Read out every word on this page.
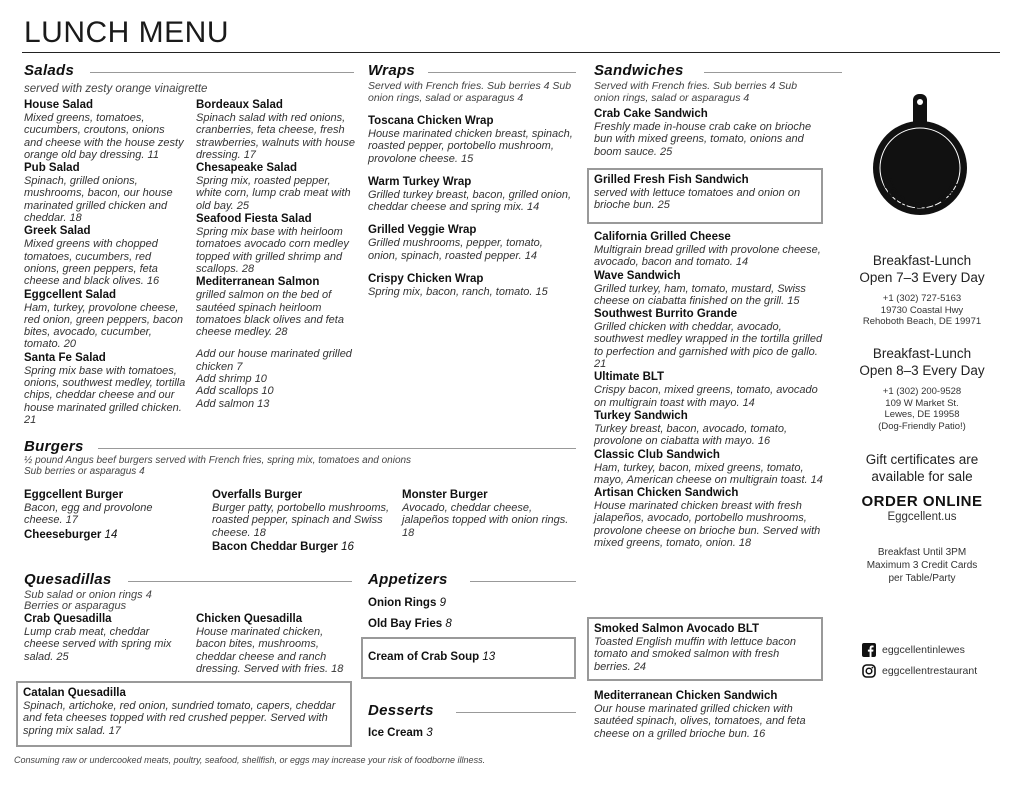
LUNCH MENU
Salads
served with zesty orange vinaigrette
House Salad
Mixed greens, tomatoes, cucumbers, croutons, onions and cheese with the house zesty orange old bay dressing. 11
Pub Salad
Spinach, grilled onions, mushrooms, bacon, our house marinated grilled chicken and cheddar. 18
Greek Salad
Mixed greens with chopped tomatoes, cucumbers, red onions, green peppers, feta cheese and black olives. 16
Eggcellent Salad
Ham, turkey, provolone cheese, red onion, green peppers, bacon bites, avocado, cucumber, tomato. 20
Santa Fe Salad
Spring mix base with tomatoes, onions, southwest medley, tortilla chips, cheddar cheese and our house marinated grilled chicken. 21
Bordeaux Salad
Spinach salad with red onions, cranberries, feta cheese, fresh strawberries, walnuts with house dressing. 17
Chesapeake Salad
Spring mix, roasted pepper, white corn, lump crab meat with old bay. 25
Seafood Fiesta Salad
Spring mix base with heirloom tomatoes avocado corn medley topped with grilled shrimp and scallops. 28
Mediterranean Salmon
grilled salmon on the bed of sautéed spinach heirloom tomatoes black olives and feta cheese medley. 28
Add our house marinated grilled chicken 7
Add shrimp 10
Add scallops 10
Add salmon 13
Wraps
Served with French fries. Sub berries 4 Sub onion rings, salad or asparagus 4
Toscana Chicken Wrap
House marinated chicken breast, spinach, roasted pepper, portobello mushroom, provolone cheese. 15
Warm Turkey Wrap
Grilled turkey breast, bacon, grilled onion, cheddar cheese and spring mix. 14
Grilled Veggie Wrap
Grilled mushrooms, pepper, tomato, onion, spinach, roasted pepper. 14
Crispy Chicken Wrap
Spring mix, bacon, ranch, tomato. 15
Sandwiches
Served with French fries. Sub berries 4 Sub onion rings, salad or asparagus 4
Crab Cake Sandwich
Freshly made in-house crab cake on brioche bun with mixed greens, tomato, onions and boom sauce. 25
Grilled Fresh Fish Sandwich
served with lettuce tomatoes and onion on brioche bun. 25
California Grilled Cheese
Multigrain bread grilled with provolone cheese, avocado, bacon and tomato. 14
Wave Sandwich
Grilled turkey, ham, tomato, mustard, Swiss cheese on ciabatta finished on the grill. 15
Southwest Burrito Grande
Grilled chicken with cheddar, avocado, southwest medley wrapped in the tortilla grilled to perfection and garnished with pico de gallo. 21
Ultimate BLT
Crispy bacon, mixed greens, tomato, avocado on multigrain toast with mayo. 14
Turkey Sandwich
Turkey breast, bacon, avocado, tomato, provolone on ciabatta with mayo. 16
Classic Club Sandwich
Ham, turkey, bacon, mixed greens, tomato, mayo, American cheese on multigrain toast. 14
Artisan Chicken Sandwich
House marinated chicken breast with fresh jalapeños, avocado, portobello mushrooms, provolone cheese on brioche bun. Served with mixed greens, tomato, onion. 18
Smoked Salmon Avocado BLT
Toasted English muffin with lettuce bacon tomato and smoked salmon with fresh berries. 24
Mediterranean Chicken Sandwich
Our house marinated grilled chicken with sautéed spinach, olives, tomatoes, and feta cheese on a grilled brioche bun. 16
Burgers
½ pound Angus beef burgers served with French fries, spring mix, tomatoes and onions
Sub berries or asparagus 4
Eggcellent Burger
Bacon, egg and provolone cheese. 17
Cheeseburger 14
Overfalls Burger
Burger patty, portobello mushrooms, roasted pepper, spinach and Swiss cheese. 18
Bacon Cheddar Burger 16
Monster Burger
Avocado, cheddar cheese, jalapeños topped with onion rings. 18
Quesadillas
Sub salad or onion rings 4
Berries or asparagus
Crab Quesadilla
Lump crab meat, cheddar cheese served with spring mix salad. 25
Chicken Quesadilla
House marinated chicken, bacon bites, mushrooms, cheddar cheese and ranch dressing. Served with fries. 18
Catalan Quesadilla
Spinach, artichoke, red onion, sundried tomato, capers, cheddar and feta cheeses topped with red crushed pepper. Served with spring mix salad. 17
Appetizers
Onion Rings 9
Old Bay Fries 8
Cream of Crab Soup 13
Desserts
Ice Cream 3
Consuming raw or undercooked meats, poultry, seafood, shellfish, or eggs may increase your risk of foodborne illness.
EGGCELLENT
Breakfast-Lunch
Open 7–3 Every Day
+1 (302) 727-5163
19730 Coastal Hwy
Rehoboth Beach, DE 19971
Breakfast-Lunch
Open 8–3 Every Day
+1 (302) 200-9528
109 W Market St.
Lewes, DE 19958
(Dog-Friendly Patio!)
Gift certificates are
available for sale
ORDER ONLINE
Eggcellent.us
Breakfast Until 3PM
Maximum 3 Credit Cards
per Table/Party
eggcellentinlewes
eggcellentrestaurant
